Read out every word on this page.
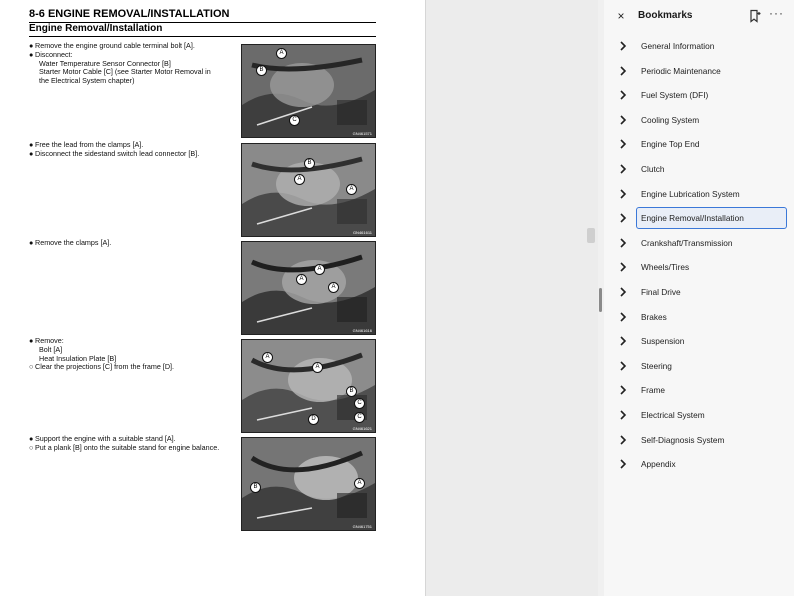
8-6 ENGINE REMOVAL/INSTALLATION
Engine Removal/Installation
● Remove the engine ground cable terminal bolt [A].
● Disconnect:
Water Temperature Sensor Connector [B]
Starter Motor Cable [C] (see Starter Motor Removal in
the Electrical System chapter)
A
B
C
GN461571
● Free the lead from the clamps [A].
● Disconnect the sidestand switch lead connector [B].
B
A
A
GN461611
● Remove the clamps [A].
A
A
A
GN461616
● Remove:
Bolt [A]
Heat Insulation Plate [B]
○ Clear the projections [C] from the frame [D].
A
A
B
C
D	C
GN461621
● Support the engine with a suitable stand [A].
○ Put a plank [B] onto the suitable stand for engine balance.
B
A
GN461751
×	Bookmarks	···
General Information
Periodic Maintenance
Fuel System (DFI)
Cooling System
Engine Top End
Clutch
Engine Lubrication System
Engine Removal/Installation
Crankshaft/Transmission
Wheels/Tires
Final Drive
Brakes
Suspension
Steering
Frame
Electrical System
Self-Diagnosis System
Appendix
